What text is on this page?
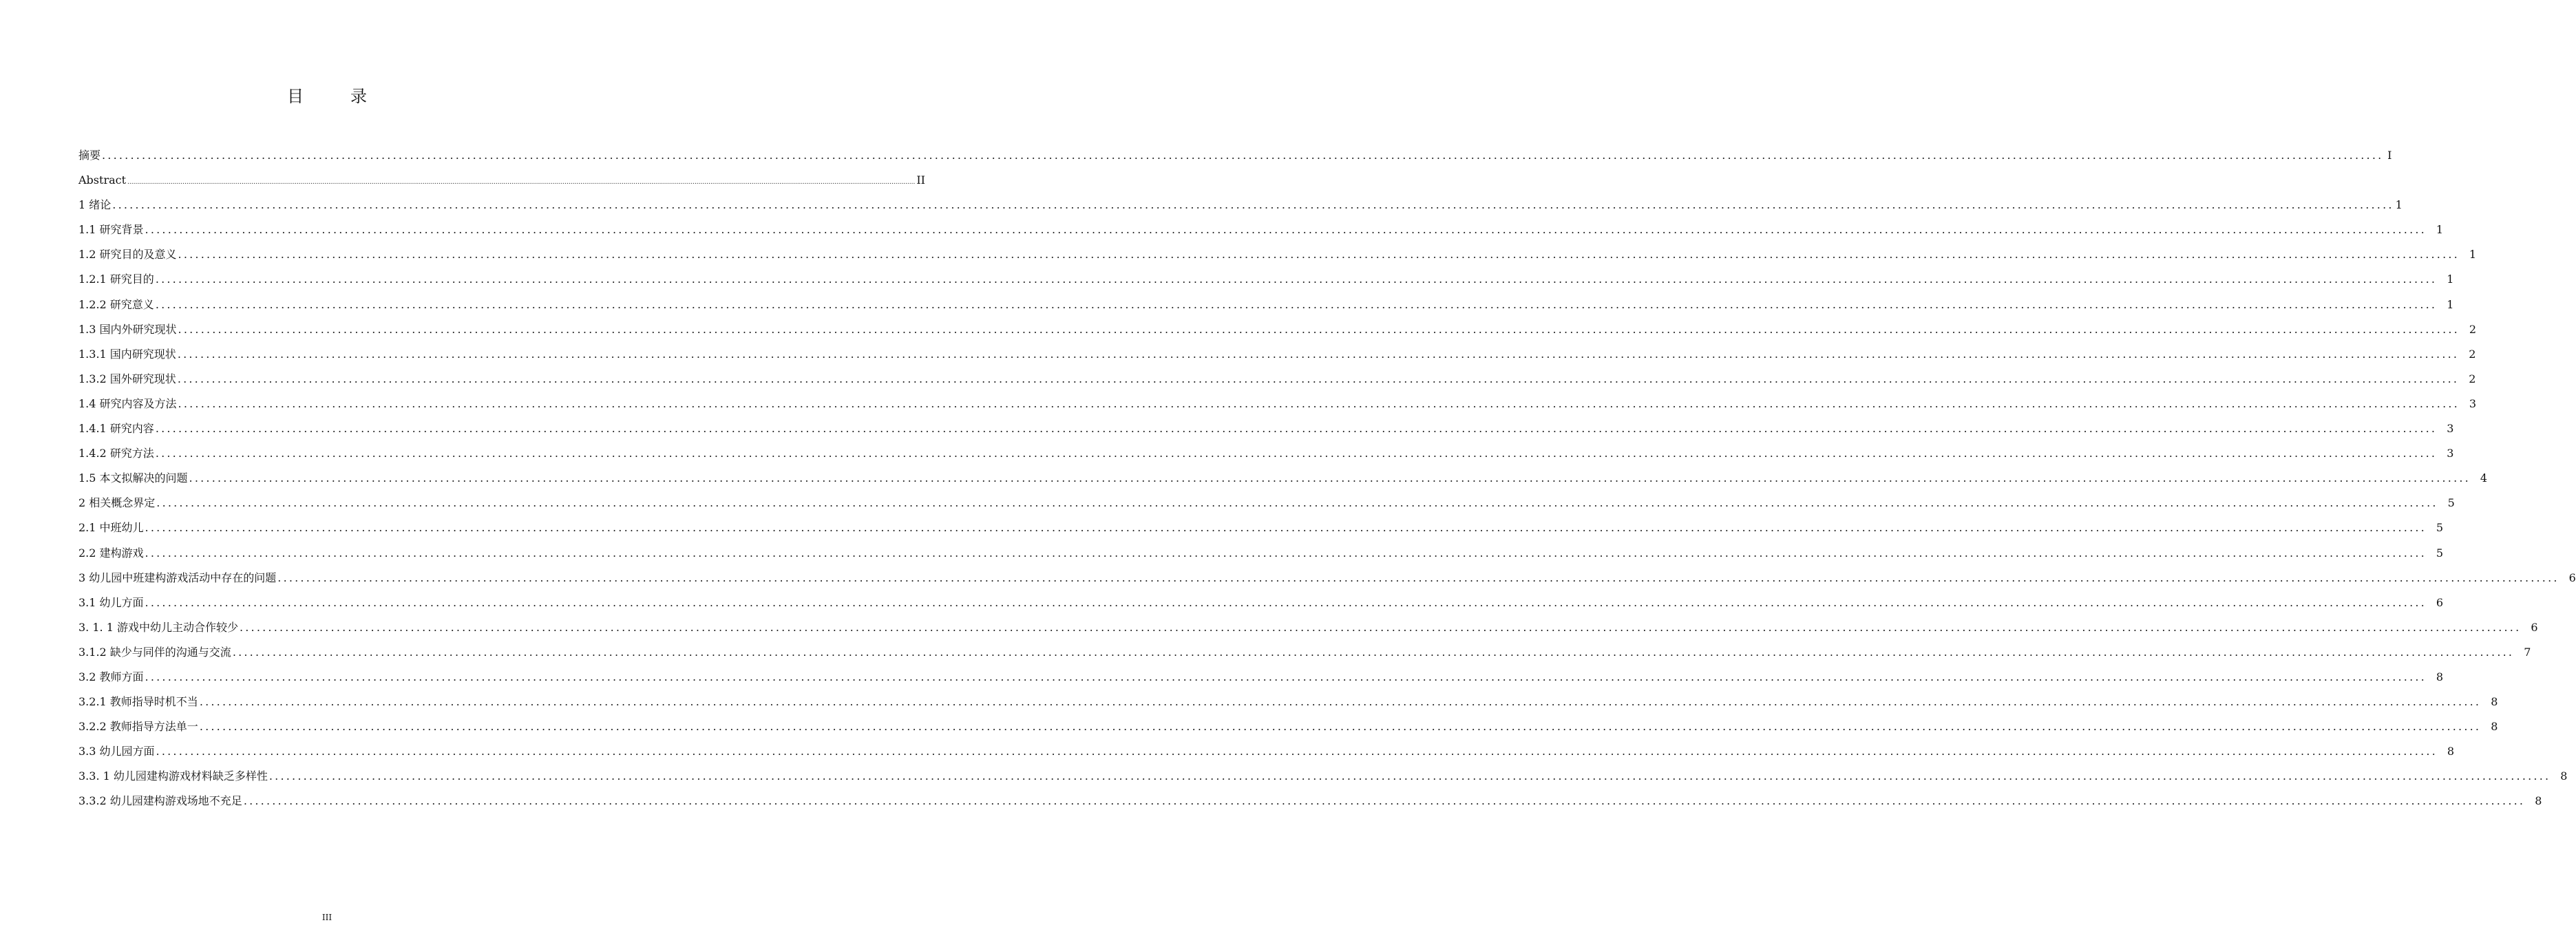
目　录
摘要 ................................................................................................................................................................................................................................................................................................................................................................................................................ I
Abstract ................................................................................................................................................................................................................................................................................................................................................................................................................ II
1 绪论 ................................................................................................................................................................................................................................................................................................................................................................................................................ 1
1.1 研究背景 ................................................................................................................................................................................................................................................................................................................................................................................................................ 1
1.2 研究目的及意义 ................................................................................................................................................................................................................................................................................................................................................................................................................ 1
1.2.1 研究目的 ................................................................................................................................................................................................................................................................................................................................................................................................................ 1
1.2.2 研究意义 ................................................................................................................................................................................................................................................................................................................................................................................................................ 1
1.3 国内外研究现状 ................................................................................................................................................................................................................................................................................................................................................................................................................ 2
1.3.1 国内研究现状 ................................................................................................................................................................................................................................................................................................................................................................................................................ 2
1.3.2 国外研究现状 ................................................................................................................................................................................................................................................................................................................................................................................................................ 2
1.4 研究内容及方法 ................................................................................................................................................................................................................................................................................................................................................................................................................ 3
1.4.1 研究内容 ................................................................................................................................................................................................................................................................................................................................................................................................................ 3
1.4.2 研究方法 ................................................................................................................................................................................................................................................................................................................................................................................................................ 3
1.5 本文拟解决的问题 ................................................................................................................................................................................................................................................................................................................................................................................................................ 4
2 相关概念界定 ................................................................................................................................................................................................................................................................................................................................................................................................................ 5
2.1 中班幼儿 ................................................................................................................................................................................................................................................................................................................................................................................................................ 5
2.2 建构游戏 ................................................................................................................................................................................................................................................................................................................................................................................................................ 5
3 幼儿园中班建构游戏活动中存在的问题 ................................................................................................................................................................................................................................................................................................................................................................................................................ 6
3.1 幼儿方面 ................................................................................................................................................................................................................................................................................................................................................................................................................ 6
3. 1. 1 游戏中幼儿主动合作较少 ................................................................................................................................................................................................................................................................................................................................................................................................................ 6
3.1.2 缺少与同伴的沟通与交流 ................................................................................................................................................................................................................................................................................................................................................................................................................ 7
3.2 教师方面 ................................................................................................................................................................................................................................................................................................................................................................................................................ 8
3.2.1 教师指导时机不当 ................................................................................................................................................................................................................................................................................................................................................................................................................ 8
3.2.2 教师指导方法单一 ................................................................................................................................................................................................................................................................................................................................................................................................................ 8
3.3 幼儿园方面 ................................................................................................................................................................................................................................................................................................................................................................................................................ 8
3.3. 1 幼儿园建构游戏材料缺乏多样性 ................................................................................................................................................................................................................................................................................................................................................................................................................ 8
3.3.2 幼儿园建构游戏场地不充足 ................................................................................................................................................................................................................................................................................................................................................................................................................ 8
III
